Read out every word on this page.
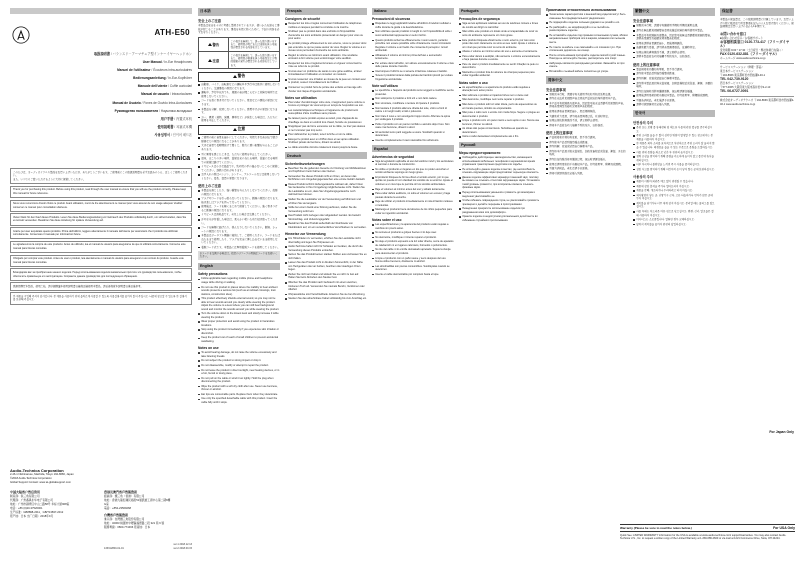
ATH-E50
取扱説明書 / バランスド－アーマチュア型インナーイヤーヘッドホン
User Manual / In-Ear Headphones
Manuel de l'utilisateur / Écouteurs intra-auriculaires
Bedienungsanleitung / In-Ear-Kopfhörer
Manuale dell'utente / Cuffie auricolari
Manual de usuario / Intrauriculares
Manual de Usuário / Fones de Ouvido Intra-Auriculares
Руководство пользователя / Наушники-вкладыши
用户手册 / 内置式耳机
使用説明書 / 耳塞式耳機
사용설명서 / 인이어 헤드폰
audio-technica

このたびは、オーディオテクニカ製品をお買い上げいただき、ありがとうございます。ご使用前にこの取扱説明書を必ずお読みのうえ、正しくご使用ください。

また、いつでもご覧いただけるように大切に保管してください。

Thank you for purchasing this product. Before using this product, read through the user manual to ensure that you will use the product correctly. Please keep this manual for future reference.

Nous vous remercions d'avoir choisi ce produit. Avant utilisation, merci de lire attentivement ce manuel pour vous assurer de son usage adéquat. Veuillez conserver ce manuel pour consultation ultérieure.

Vielen Dank für den Kauf dieses Produkts. Lesen Sie diese Bedienungsanleitung vor Gebrauch des Produkts vollständig durch, um sicherzustellen, dass Sie es korrekt verwenden. Bewahren Sie diese Anleitung für spätere Verwendung auf.

Grazie per aver acquistato questo prodotto. Prima dell'utilizzo, leggere attentamente il manuale dell'utente per assicurarsi che il prodotto sia utilizzato correttamente. Conservare il manuale per informazioni future.

Le agradecemos la compra de este producto. Antes de utilizarlo, lea el manual de usuario para asegurarse de que lo utilizará correctamente. Conserve este manual para futuras consultas.

Obrigado por comprar este produto. Antes de usar o produto, leia atentamente o manual do usuário para assegurar o uso correto do produto. Guarde este manual para futuras consultas.

Благодарим вас за приобретение нашего изделия. Перед использованием изделия внимательно прочтите это руководство пользователя, чтобы обеспечить правильную его эксплуатацию. Сохраните данное руководство для последующего обращения.

感謝您購買本製品。使用之前，請仔細閱讀本使用說明書以確保正確使用本製品。請妥善保管本說明書以備日後參考。

본 제품을 구입해 주셔서 감사합니다. 본 제품을 사용하기 전에 올바르게 사용할 수 있도록 사용설명서를 끝까지 읽어 주십시오. 나중에 참조할 수 있도록 본 설명서를 보관해 주십시오.

Audio-Technica Corporation
2-46-1 Nishinaruse, Machida, Tokyo 194-8666, Japan
©2018 Audio-Technica Corporation
Global Support Contact: www.at-globalsupport.com
中国大陆客户售后资讯
制造商：铁三角有限公司
代理商：广州番禺乐华电子有限公司
地址：广州市越秀区中山二路58号 华标大厦908室
电话：+86 (0)20-37520001
生产标准：GB8898-2011、GB/T13837-2012
原产地：日本 出厂日期：2018年9月
香港及澳門客戶售後資訊
經銷商：鐵三角（香港）有限公司
地址：香港九龍紅磡民裕街51號凱旋工商中心第二期8樓
G室
電話：+852-23569268
台灣客戶售後資訊
進口商：台灣鐵三角股份有限公司
地址：32063 桃園市中壢區福德路二段 321 巷 6 號
服務專線：0800-774466 原產地：日本
ver.1 2018.12.13
ver.2 2018.00.15
133312800-01-01
日本語
安全上のご注意

本製品は安全を十分に考慮し製造されていますが、使いかたを誤ると事故が起こることがあります。事故を未然に防ぐために、下記の内容を必ずお守りください。

警告
この表示を無視して、誤った取り扱いをすると、使用者が死亡または重傷を負う可能性が想定される内容を示しています。
注意
この表示を無視して、誤った取り扱いをすると、使用者が傷害を負う可能性および物的損害の発生が想定される内容を示しています。
警告
自動車、バイク、自転車などの運転中や歩行中は絶対に使用しないでください。交通事故の原因になります。
運転中、歩行中以外でも、周囲の音が聞こえないと危険な場所では使用しないでください。
コードを首に巻き付けないでください。窒息などの事故の原因になります。
本製品を分解、改造しないでください。感電やけがの原因になります。
万一、異常（発熱、発煙、異臭など）が発生した場合は、ただちに使用を中止してください。
注意
ご使用の前に音量を最小にしてください。突然大きな音が出て聴力障害などの原因になることがあります。
大きな音量で長時間続けて聞くと、聴力に悪い影響を与えることがあります。
耳に異常を感じたときは、ただちに使用を中止してください。
湿気、ほこりの多い場所、直射日光の当たる場所、高温になる場所での保管は避けてください。
イヤピースは小さな部品です。乳幼児の手の届かないところに保管してください。誤飲の恐れがあります。
お手入れの際はベンジン、シンナー、アルコールなどは使用しないでください。変色、変質の原因になります。
使用上のご注意
本製品を落としたり、強い衝撃を与えたりしないでください。故障の原因になります。
プラグやコードを引っ張らないでください。断線の原因になります。抜き差しはプラグを持って行ってください。
使用後は、コードを軽くまとめて保管してください。強く巻きつけると断線の原因になります。
イヤピースは消耗品です。劣化した場合は交換してください。
汗や水分が付着した場合は、柔らかい乾いた布で拭き取ってください。
コードを無理に曲げたり、挟んだりしないでください。断線、ショートの原因になります。
本製品はポータブル機器に接続して、ご使用ください。コードをたばねたままで使用したり、プラグを完全に挿し込まないまま使用しないでください。
着脱コード式です。本製品には専用着脱コードを使用してください。

※コードを交換する場合は、指定のリケーブル用純正コードをお使いください。

English
Safety precautions
Follow applicable laws regarding mobile phone and headphone usage while driving or walking.
Do not use this product in places where the inability to hear ambient sounds presents a serious risk (such as at railroad crossings, train stations, construction sites).
This product effectively shields external sound, so you may not be able to hear sounds around you clearly while wearing the product. Adjust the volume to a level where you can still hear background sound and monitor the sounds around you while wearing the product.
Turn the volume down to the lowest level and slowly increase it while wearing the product.
Wear proper protection and avoid using the product in hazardous locations.
Stop using the product immediately if you experience skin irritation or discomfort.
Keep the product out of reach of small children to prevent accidental swallowing.
Notes on use
To avoid hearing damage, do not raise the volume excessively and take listening breaks.
Do not subject the product to strong impact or drop it.
Do not disassemble, modify or attempt to repair the product.
Do not leave the product in direct sunlight, near heating devices, or in a hot, humid or dusty place.
Do not pull on the cable or wind it too tightly. Hold the plug when disconnecting the product.
Wipe the product with a soft dry cloth after use. Never use benzene, thinner or alcohol.
Ear tips are consumable parts. Replace them when they deteriorate.
Use only the specified detachable cable with this product. Insert the cable fully until it stops.
Français
Consignes de sécurité
Respectez les lois et règles concernant l'utilisation de téléphones mobiles et casques pendant la conduite ou la marche.
N'utilisez pas ce produit dans des endroits où l'impossibilité d'entendre les sons ambiants présenterait un danger pour vous ou pour autrui.
Ce produit protège efficacement le son externe, vous ne pouvez donc pas entendre ce qui se passe autour de vous. Réglez le volume à un niveau vous permettant d'entendre les sons ambiants.
Réglez le volume au minimum avant utilisation. Une soudaine émission à fort volume peut endommager votre audition.
Respectez les lois et règlements locaux en vigueur concernant la mise au rebut de ce produit.
Si vous avez un problème de santé ou une gêne auditive, arrêtez immédiatement l'utilisation et consultez un médecin.
Si vous ressentez une irritation au niveau de la peau en contact avec le produit, cessez immédiatement de l'utiliser.
Conservez ce produit hors de portée des enfants en bas âge afin d'éviter tout risque d'ingestion accidentelle.
Notes sur utilisation
Pour éviter d'endommager votre ouïe, n'augmentez pas le volume à l'excès et protégez de vous temps en temps de l'exposition au son.
Les caractéristiques techniques et l'apparence du produit sont susceptibles d'être modifiées sans préavis.
Ne laissez pas le produit exposé au soleil, près d'appareils de chauffage ou dans un endroit très chaud, humide ou poussiéreux.
N'appliquez pas de force excessive sur le câble, ne tirez pas dessus et ne l'enroulez pas trop serré.
Pour débrancher le produit, tenez la fiche et non le câble.
Essuyez le produit avec un chiffon doux et sec après utilisation. N'utilisez jamais de benzène, diluant ou alcool.
Le câble amovible doit être totalement inséré jusqu'à la butée.
Deutsch
Sicherheitsvorkehrungen
Beachten Sie die geltenden Gesetze zur Nutzung von Mobiltelefonen und Kopfhörern beim Fahren oder Gehen.
Verwenden Sie dieses Produkt nicht an Orten, an denen das Nichthören von Umgebungsgeräuschen eine ernste Gefahr darstellt.
Dieses Produkt schirmt Außengeräusche wirksam ab, daher hören Sie Geräusche in Ihrer Umgebung möglicherweise nicht. Stellen Sie die Lautstärke so ein, dass Sie Umgebungsgeräusche noch wahrnehmen können.
Stellen Sie die Lautstärke vor der Verwendung auf Minimum und erhöhen Sie sie langsam.
Sollte bei einem Gerät eine Störung auftreten, stellen Sie die Verwendung sofort ein.
Das Produkt nicht zerlegen oder abgeändert werden. Es besteht Stromschlag- und Verletzungsgefahr.
Bewahren Sie das Produkt außerhalb der Reichweite von Kleinkindern auf, um ein versehentliches Verschlucken zu vermeiden.
Hinweise zur Verwendung
Um Hörschäden zu vermeiden, erhöhen Sie die Lautstärke nicht übermäßig und legen Sie Hörpausen ein.
Audio-Technica haftet nicht für Schäden an Geräten, die durch die Verwendung dieses Produkts entstehen.
Setzen Sie das Produkt keinen starken Stößen aus und lassen Sie es nicht fallen.
Lassen Sie das Produkt nicht in direktem Sonnenlicht, in der Nähe von Heizgeräten oder an heißen, feuchten oder staubigen Orten liegen.
Ziehen Sie nicht am Kabel und wickeln Sie es nicht zu fest auf. Halten Sie beim Abziehen den Stecker fest.
Wischen Sie das Produkt nach Gebrauch mit einem weichen, trockenen Tuch ab. Verwenden Sie niemals Benzin, Verdünner oder Alkohol.
Ohrpassstücke sind Verschleißteile. Ersetzen Sie sie bei Abnutzung.
Stecken Sie das abnehmbare Kabel vollständig bis zum Anschlag ein.
Italiano
Precauzioni di sicurezza
Rispettare le leggi applicabili relative all'utilizzo di telefoni cellulari e cuffie durante la guida o la deambulazione.
Non utilizzare questo prodotto in luoghi in cui l'impossibilità di udire i suoni ambientali rappresenta un serio rischio.
Questo prodotto scherma efficacemente i suoni esterni, pertanto potrebbe non essere possibile udire chiaramente i suoni circostanti. Regolare il volume a un livello che consenta di percepire i rumori ambientali.
Abbassare il volume al minimo prima dell'uso e aumentarlo lentamente.
Per evitare danni all'udito, non alzare eccessivamente il volume e fare delle pause durante l'ascolto.
Interrompere l'utilizzo se si avverte irritazione cutanea o fastidio.
Tenere il prodotto lontano dalla portata dei bambini piccoli per evitare l'ingestione accidentale.
Note sull'utilizzo
Le specifiche e l'aspetto del prodotto sono soggetti a modifiche senza preavviso.
Non sottoporre il prodotto a forti urti e non farlo cadere.
Non smontare, modificare o tentare di riparare il prodotto.
Non lasciare il prodotto alla luce diretta del sole, vicino a fonti di calore o in luoghi caldi, umidi o polverosi.
Non tirare il cavo e non avvolgerlo troppo stretto. Afferrare la spina per scollegare il prodotto.
Pulire il prodotto con un panno morbido e asciutto dopo l'uso. Non usare mai benzene, diluenti o alcol.
Gli auricolari sono parti soggette a usura. Sostituirli quando si deteriorano.
Inserire completamente il cavo staccabile fino all'arresto.
Español
Advertencias de seguridad
Siga la legislación aplicable al uso del teléfono móvil y los auriculares al caminar o durante la conducción.
No utilice el producto en lugares en los que no poder escuchar el sonido ambiente suponga un riesgo grave.
El producto bloquea de forma eficaz el sonido exterior, por lo que quizás no pueda oír con claridad los sonidos de su entorno. Ajuste el volumen a un nivel que le permita oír los sonidos ambientales.
Baje el volumen al mínimo antes del uso y súbalo lentamente.
Para evitar daños auditivos, no suba el volumen en exceso y haga pausas durante la escucha.
Deje de utilizar el producto inmediatamente si nota irritación cutánea o molestias.
Mantenga el producto fuera del alcance de los niños pequeños para evitar su ingestión accidental.
Notas sobre el uso
Las especificaciones y la apariencia del producto están sujetas a cambios sin previo aviso.
No someta el producto a golpes fuertes ni lo deje caer.
No desmonte, modifique ni intente reparar el producto.
No deje el producto expuesto a la luz solar directa, cerca de aparatos de calefacción ni en lugares calurosos, húmedos o polvorientos.
No tire del cable ni lo enrolle demasiado apretado. Sujete la clavija para desconectar el producto.
Limpie el producto con un paño suave y seco después del uso. Nunca utilice benceno, disolvente ni alcohol.
Las almohadillas son piezas consumibles. Sustitúyalas cuando se deterioren.
Inserte el cable desmontable por completo hasta el tope.
Português
Precauções de segurança
Siga as leis aplicáveis relativas ao uso de telefones móveis e fones de ouvido ao dirigir ou caminhar.
Não utilize este produto em locais onde a incapacidade de ouvir os sons do ambiente represente um risco grave.
Este produto bloqueia eficazmente o som externo, por isso você pode não ouvir claramente os sons ao seu redor. Ajuste o volume a um nível que permita ouvir os sons do ambiente.
Abaixe o volume ao mínimo antes do uso e aumente-o lentamente.
Para evitar danos à audição, não aumente o volume excessivamente e faça pausas durante a escuta.
Pare de usar o produto imediatamente se sentir irritação na pele ou desconforto.
Mantenha o produto fora do alcance de crianças pequenas para evitar ingestão acidental.
Notas sobre o uso
As especificações e a aparência do produto estão sujeitas a alteração sem aviso prévio.
Não submeta o produto a impactos fortes nem o deixe cair.
Não desmonte, modifique nem tente reparar o produto.
Não deixe o produto sob luz solar direta, perto de aquecedores ou em locais quentes, úmidos ou empoeirados.
Não puxe o cabo nem o enrole com muita força. Segure o plugue ao desconectar o produto.
Limpe o produto com um pano macio e seco após o uso. Nunca use benzeno, thinner ou álcool.
As olivas são peças consumíveis. Substitua-as quando se deteriorarem.
Insira o cabo destacável completamente até o fim.
Русский
Меры предосторожности
Соблюдайте действующее законодательство, касающееся использования мобильных телефонов и наушников во время управления транспортным средством или ходьбы.
Не используйте данное изделие в местах, где неспособность слышать окружающие звуки представляет серьезную опасность.
Данное изделие эффективно экранирует внешний звук, поэтому вы можете не слышать отчетливо окружающие звуки. Установите такой уровень громкости, при котором вы сможете слышать фоновые звуки.
Перед использованием уменьшите громкость до минимума и медленно увеличивайте ее.
Чтобы избежать повреждения слуха, не увеличивайте громкость чрезмерно и делайте перерывы в прослушивании.
Немедленно прекратите использование изделия при раздражении кожи или дискомфорте.
Храните изделие в недоступном для маленьких детей месте во избежание случайного проглатывания.
Примечания относительно использования
Технические характеристики и внешний вид изделия могут быть изменены без предварительного уведомления.
Не подвергайте изделие сильным ударам и не роняйте его.
Не разбирайте, не модифицируйте и не пытайтесь ремонтировать изделие.
Не оставляйте изделие под прямыми солнечными лучами, вблизи нагревательных приборов или в жарком, влажном или пыльном месте.
Не тяните за кабель и не сматывайте его слишком туго. При отключении держитесь за штекер.
После использования протирайте изделие мягкой сухой тканью. Никогда не используйте бензин, растворитель или спирт.
Амбушюры являются расходными деталями. Заменяйте их при износе.
Вставляйте съемный кабель полностью до упора.
简体中文
安全注意事项
驾驶或步行时，请遵守有关使用手机和耳机的适用法律。
请勿在无法听见周围声音会造成严重危险的场所使用本产品。
本产品可有效隔绝外部声音，因此您可能无法清楚听见周围的声音。请将音量调至仍能听见背景声音的程度。
使用前请将音量调至最小，然后慢慢调高。
为避免听力受损，请勿将音量调得过高，并适时休息。
如果出现皮肤刺激或不适，请立即停止使用。
请将本产品放在幼儿接触不到的地方，以防误吞。
使用上的注意事项
产品规格和外观如有变更，恕不另行通知。
请勿使本产品受到强烈撞击或跌落。
请勿拆解、改装或试图自行修理本产品。
请勿将本产品置于阳光直射处、加热设备附近或高温、潮湿、多尘的场所。
请勿拉扯线缆或将其缠绕过紧。拔出时请握住插头。
使用后请用柔软的干布擦拭本产品。切勿使用苯、稀释剂或酒精。
耳塞为消耗品，老化后请予以更换。
请将可拆卸线缆完全插入到底。
繁體中文
安全注意事項
駕駛或步行時，請遵守有關使用手機和耳機的適用法律。
請勿在無法聽見周圍聲音會造成嚴重危險的場所使用本製品。
本製品可有效隔絕外部聲音，因此您可能無法清楚聽見周圍的聲音。請將音量調至仍能聽見背景聲音的程度。
使用前請將音量調至最小，然後慢慢調高。
為避免聽力受損，請勿將音量調得過高，並適時休息。
如果出現皮膚刺激或不適，請立即停止使用。
請將本製品放在幼兒接觸不到的地方，以防誤吞。
使用上的注意事項
製品規格和外觀如有變更，恕不另行通知。
請勿使本製品受到強烈撞擊或跌落。
請勿拆解、改裝或試圖自行修理本製品。
請勿將本製品置於陽光直射處、加熱設備附近或高溫、潮濕、多塵的場所。
請勿拉扯線材或將其纏繞過緊。拔出時請握住插頭。
使用後請用柔軟的乾布擦拭本製品。切勿使用苯、稀釋劑或酒精。
耳塞為消耗品，老化後請予以更換。
請將可拆卸線材完全插入到底。
한국어
안전상의 주의
운전 또는 보행 중 휴대전화 및 헤드폰 사용에 관한 법규를 준수하십시오.
주변 소리를 들을 수 없어 심각한 위험이 발생할 수 있는 장소에서는 본 제품을 사용하지 마십시오.
본 제품은 외부 소리를 효과적으로 차단하므로 주변 소리가 잘 들리지 않을 수 있습니다. 배경음을 들을 수 있는 수준으로 음량을 조절하십시오.
사용 전에 음량을 최소로 낮춘 후 천천히 높이십시오.
청력 손상을 방지하기 위해 음량을 과도하게 높이지 말고 중간에 휴식을 취하십시오.
피부 자극이나 불편함을 느끼면 즉시 사용을 중지하십시오.
삼킴 사고를 방지하기 위해 어린이의 손이 닿지 않는 곳에 보관하십시오.
사용상의 주의
제품의 사양과 외관은 예고 없이 변경될 수 있습니다.
제품에 강한 충격을 주거나 떨어뜨리지 마십시오.
제품을 분해, 개조하거나 수리하려고 하지 마십시오.
직사광선이 닿는 곳, 난방기구 근처, 고온 다습하거나 먼지가 많은 곳에 두지 마십시오.
케이블을 당기거나 너무 세게 감지 마십시오. 분리할 때는 플러그를 잡으십시오.
사용 후에는 부드러운 마른 천으로 닦으십시오. 벤젠, 신너, 알코올은 절대 사용하지 마십시오.
이어피스는 소모품입니다. 열화된 경우 교체하십시오.
탈착식 케이블을 끝까지 완전히 삽입하십시오.
保証書

本製品の保証書は、この取扱説明書に付属しています。お買い上げの際に販売店で所定事項を記入のうえお受け取りください。保証期間はお買い上げの日から1年間です。

お問い合わせ窓口
■お問い合わせ窓口／お客様サポート
お客様相談窓口 0120-773-417（フリーダイヤル）
受付時間 9:00～17:30（土日祝日・弊社休業日を除く）
FAX 0120-632-881（フリーダイヤル）
ホームページ www.audio-technica.co.jp
サービスステーション（修理・部品）
東日本サービスステーション
〒194-8666 東京都町田市西成瀬2-46-1
TEL 042-739-9120
西日本サービスステーション
〒577-0065 大阪府東大阪市高井田中2-2-13
TEL 06-6727-0091
株式会社オーディオテクニカ 〒194-8666 東京都町田市西成瀬2-46-1 www.audio-technica.co.jp
For Japan Only
Warranty (Please be sure to read the notes below.)	For USA Only

Quick See: LIMITED WARRANTY information for the USA is available at www.audio-technica.com/ support/warranties. You may also contact Audio-Technica U.S., Inc. to request a written copy of the Limited Warranty at 1-330-686-2600 or via mail at 1221 Commerce Drive, Stow, OH 44224.
